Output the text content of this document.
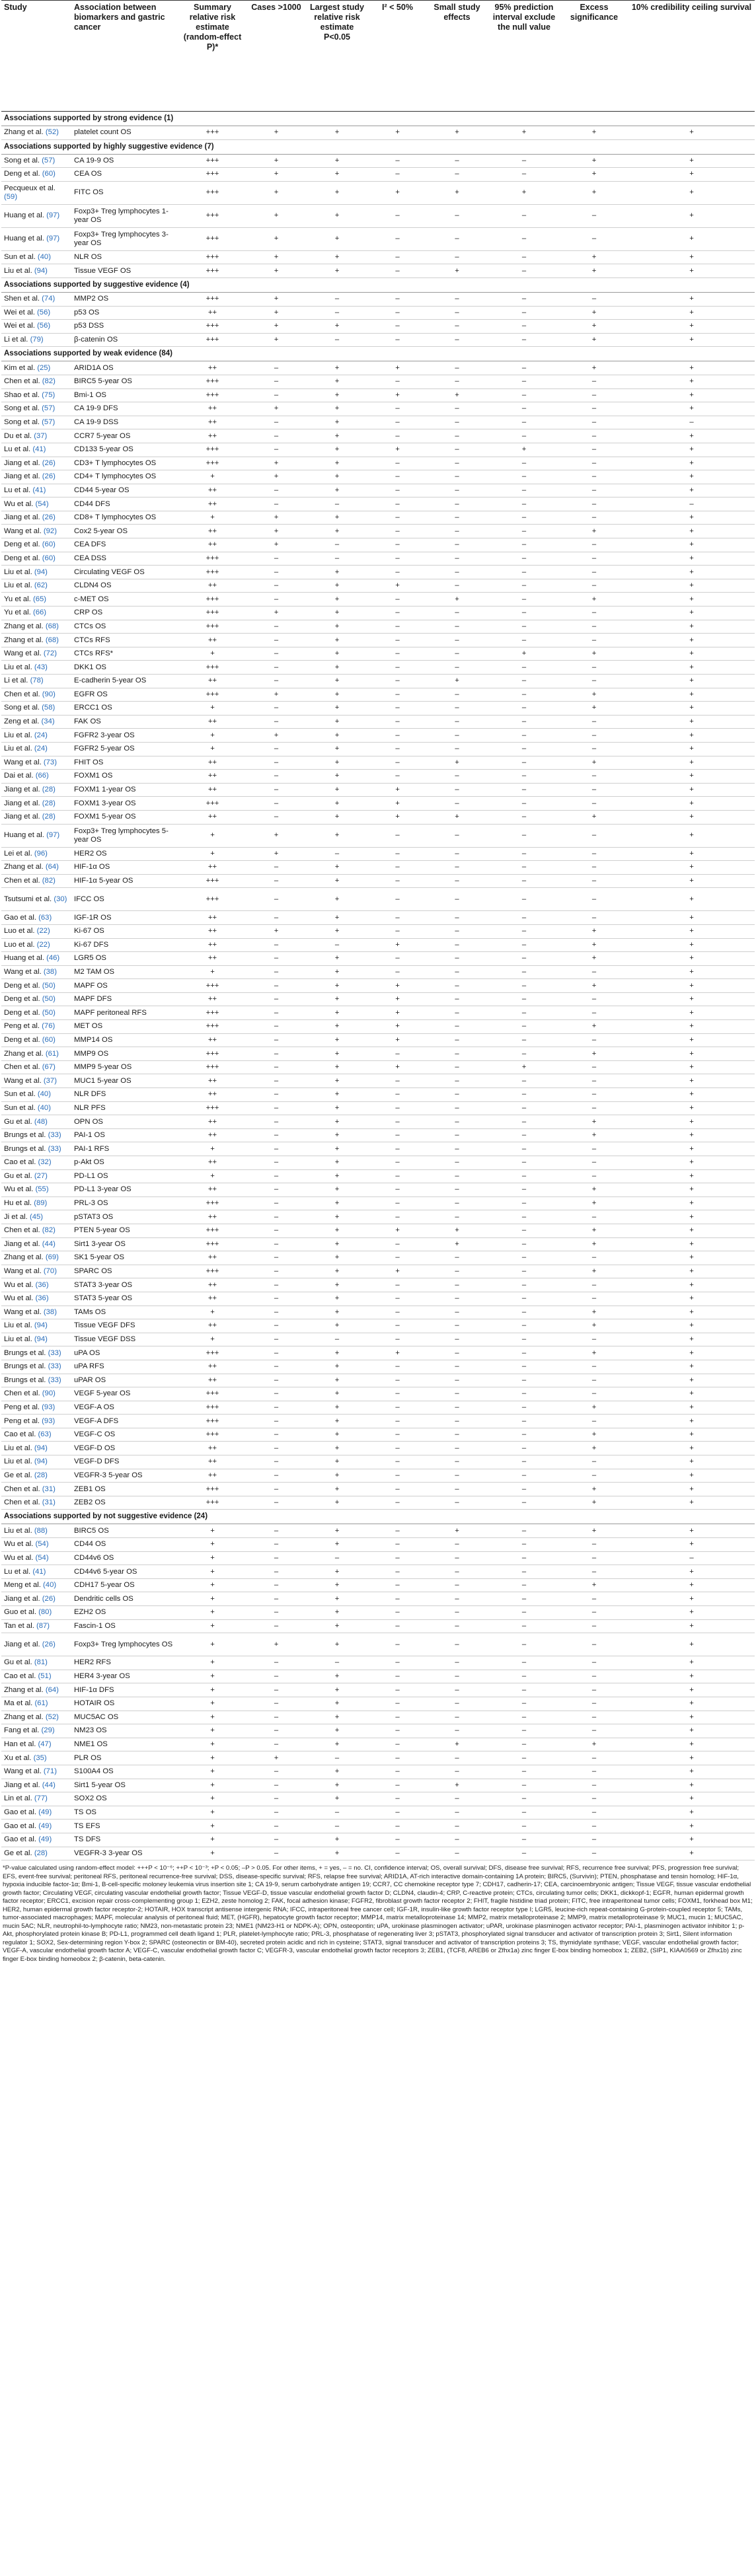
Study	Association between biomarkers and gastric cancer	Summary relative risk estimate (random-effect P)*	Cases >1000	Largest study relative risk estimate P<0.05	I² < 50%	Small study effects	95% prediction interval exclude the null value	Excess significance	10% credibility ceiling survival
Associations supported by strong evidence (1)									
Zhang et al. (52)	platelet count OS	+++	+	+	+	+	+	+	+
Associations supported by highly suggestive evidence (7)									
Song et al. (57)	CA 19-9 OS	+++	+	+	–	–	–	+	+
Deng et al. (60)	CEA OS	+++	+	+	–	–	–	+	+
Pecqueux et al. (59)	FITC OS	+++	+	+	+	+	+	+	+
Huang et al. (97)	Foxp3+ Treg lymphocytes 1-year OS	+++	+	+	–	–	–	–	+
Huang et al. (97)	Foxp3+ Treg lymphocytes 3-year OS	+++	+	+	–	–	–	–	+
Sun et al. (40)	NLR OS	+++	+	+	–	–	–	+	+
Liu et al. (94)	Tissue VEGF OS	+++	+	+	–	+	–	+	+
Associations supported by suggestive evidence (4)									
Shen et al. (74)	MMP2 OS	+++	+	–	–	–	–	–	+
Wei et al. (56)	p53 OS	++	+	–	–	–	–	+	+
Wei et al. (56)	p53 DSS	+++	+	+	–	–	–	+	+
Li et al. (79)	β-catenin OS	+++	+	–	–	–	–	+	+
Associations supported by weak evidence (84)									
Kim et al. (25)	ARID1A OS	++	–	+	+	–	–	+	+
Chen et al. (82)	BIRC5 5-year OS	+++	–	+	–	–	–	–	+
Shao et al. (75)	Bmi-1 OS	+++	–	+	+	+	–	–	+
Song et al. (57)	CA 19-9 DFS	++	+	+	–	–	–	–	+
Song et al. (57)	CA 19-9 DSS	++	–	+	–	–	–	–	–
Du et al. (37)	CCR7 5-year OS	++	–	+	–	–	–	–	+
Lu et al. (41)	CD133 5-year OS	+++	–	+	+	–	+	–	+
Jiang et al. (26)	CD3+ T lymphocytes OS	+++	+	+	–	–	–	–	+
Jiang et al. (26)	CD4+ T lymphocytes OS	+	+	+	–	–	–	–	+
Lu et al. (41)	CD44 5-year OS	++	–	+	–	–	–	–	+
Wu et al. (54)	CD44 DFS	++	–	–	–	–	–	–	–
Jiang et al. (26)	CD8+ T lymphocytes OS	+	+	+	–	–	–	–	+
Wang et al. (92)	Cox2 5-year OS	++	+	+	–	–	–	+	+
Deng et al. (60)	CEA DFS	++	+	–	–	–	–	–	+
Deng et al. (60)	CEA DSS	+++	–	–	–	–	–	–	+
Liu et al. (94)	Circulating VEGF OS	+++	–	+	–	–	–	–	+
Liu et al. (62)	CLDN4 OS	++	–	+	+	–	–	–	+
Yu et al. (65)	c-MET OS	+++	–	+	–	+	–	+	+
Yu et al. (66)	CRP OS	+++	+	+	–	–	–	–	+
Zhang et al. (68)	CTCs OS	+++	–	+	–	–	–	–	+
Zhang et al. (68)	CTCs RFS	++	–	+	–	–	–	–	+
Wang et al. (72)	CTCs RFS*	+	–	+	–	–	+	+	+
Liu et al. (43)	DKK1 OS	+++	–	+	–	–	–	–	+
Li et al. (78)	E-cadherin 5-year OS	++	–	+	–	+	–	–	+
Chen et al. (90)	EGFR OS	+++	+	+	–	–	–	+	+
Song et al. (58)	ERCC1 OS	+	–	+	–	–	–	+	+
Zeng et al. (34)	FAK OS	++	–	+	–	–	–	–	+
Liu et al. (24)	FGFR2 3-year OS	+	+	+	–	–	–	–	+
Liu et al. (24)	FGFR2 5-year OS	+	–	+	–	–	–	–	+
Wang et al. (73)	FHIT OS	++	–	+	–	+	–	+	+
Dai et al. (66)	FOXM1 OS	++	–	+	–	–	–	–	+
Jiang et al. (28)	FOXM1 1-year OS	++	–	+	+	–	–	–	+
Jiang et al. (28)	FOXM1 3-year OS	+++	–	+	+	–	–	–	+
Jiang et al. (28)	FOXM1 5-year OS	++	–	+	+	+	–	+	+
Huang et al. (97)	Foxp3+ Treg lymphocytes 5-year OS	+	+	+	–	–	–	–	+
Lei et al. (96)	HER2 OS	+	+	–	–	–	–	–	+
Zhang et al. (64)	HIF-1α OS	++	–	+	–	–	–	–	+
Chen et al. (82)	HIF-1α 5-year OS	+++	–	+	–	–	–	–	+
Tsutsumi et al. (30)	IFCC OS	+++	–	+	–	–	–	–	+
Gao et al. (63)	IGF-1R OS	++	–	+	–	–	–	–	+
Luo et al. (22)	Ki-67 OS	++	+	+	–	–	–	+	+
Luo et al. (22)	Ki-67 DFS	++	–	–	+	–	–	+	+
Huang et al. (46)	LGR5 OS	++	–	+	–	–	–	+	+
Wang et al. (38)	M2 TAM OS	+	–	+	–	–	–	–	+
Deng et al. (50)	MAPF OS	+++	–	+	+	–	–	+	+
Deng et al. (50)	MAPF DFS	++	–	+	+	–	–	–	+
Deng et al. (50)	MAPF peritoneal RFS	+++	–	+	+	–	–	–	+
Peng et al. (76)	MET OS	+++	–	+	+	–	–	+	+
Deng et al. (60)	MMP14 OS	++	–	+	+	–	–	–	+
Zhang et al. (61)	MMP9 OS	+++	–	+	–	–	–	+	+
Chen et al. (67)	MMP9 5-year OS	+++	–	+	+	–	+	–	+
Wang et al. (37)	MUC1 5-year OS	++	–	+	–	–	–	–	+
Sun et al. (40)	NLR DFS	++	–	+	–	–	–	–	+
Sun et al. (40)	NLR PFS	+++	–	+	–	–	–	–	+
Gu et al. (48)	OPN OS	++	–	+	–	–	–	+	+
Brungs et al. (33)	PAI-1 OS	++	–	+	–	–	–	+	+
Brungs et al. (33)	PAI-1 RFS	+	–	+	–	–	–	–	+
Cao et al. (32)	p-Akt OS	++	–	+	–	–	–	–	+
Gu et al. (27)	PD-L1 OS	+	–	+	–	–	–	–	+
Wu et al. (55)	PD-L1 3-year OS	++	–	+	–	–	–	+	+
Hu et al. (89)	PRL-3 OS	+++	–	+	–	–	–	+	+
Ji et al. (45)	pSTAT3 OS	++	–	+	–	–	–	–	+
Chen et al. (82)	PTEN 5-year OS	+++	–	+	+	+	–	+	+
Jiang et al. (44)	Sirt1 3-year OS	+++	–	+	–	+	–	+	+
Zhang et al. (69)	SK1 5-year OS	++	–	+	–	–	–	–	+
Wang et al. (70)	SPARC OS	+++	–	+	+	–	–	+	+
Wu et al. (36)	STAT3 3-year OS	++	–	+	–	–	–	–	+
Wu et al. (36)	STAT3 5-year OS	++	–	+	–	–	–	–	+
Wang et al. (38)	TAMs OS	+	–	+	–	–	–	+	+
Liu et al. (94)	Tissue VEGF DFS	++	–	+	–	–	–	+	+
Liu et al. (94)	Tissue VEGF DSS	+	–	–	–	–	–	–	+
Brungs et al. (33)	uPA OS	+++	–	+	+	–	–	+	+
Brungs et al. (33)	uPA RFS	++	–	+	–	–	–	–	+
Brungs et al. (33)	uPAR OS	++	–	+	–	–	–	–	+
Chen et al. (90)	VEGF 5-year OS	+++	–	+	–	–	–	–	+
Peng et al. (93)	VEGF-A OS	+++	–	+	–	–	–	+	+
Peng et al. (93)	VEGF-A DFS	+++	–	+	–	–	–	–	+
Cao et al. (63)	VEGF-C OS	+++	–	+	–	–	–	+	+
Liu et al. (94)	VEGF-D OS	++	–	+	–	–	–	+	+
Liu et al. (94)	VEGF-D DFS	++	–	+	–	–	–	–	+
Ge et al. (28)	VEGFR-3 5-year OS	++	–	+	–	–	–	–	+
Chen et al. (31)	ZEB1 OS	+++	–	+	–	–	–	+	+
Chen et al. (31)	ZEB2 OS	+++	–	+	–	–	–	+	+
Associations supported by not suggestive evidence (24)									
Liu et al. (88)	BIRC5 OS	+	–	+	–	+	–	+	+
Wu et al. (54)	CD44 OS	+	–	+	–	–	–	–	+
Wu et al. (54)	CD44v6 OS	+	–	–	–	–	–	–	–
Lu et al. (41)	CD44v6 5-year OS	+	–	+	–	–	–	–	+
Meng et al. (40)	CDH17 5-year OS	+	–	+	–	–	–	+	+
Jiang et al. (26)	Dendritic cells OS	+	–	+	–	–	–	–	+
Guo et al. (80)	EZH2 OS	+	–	+	–	–	–	–	+
Tan et al. (87)	Fascin-1 OS	+	–	+	–	–	–	–	+
Jiang et al. (26)	Foxp3+ Treg lymphocytes OS	+	+	+	–	–	–	–	+
Gu et al. (81)	HER2 RFS	+	–	–	–	–	–	–	+
Cao et al. (51)	HER4 3-year OS	+	–	+	–	–	–	–	+
Zhang et al. (64)	HIF-1α DFS	+	–	+	–	–	–	–	+
Ma et al. (61)	HOTAIR OS	+	–	+	–	–	–	–	+
Zhang et al. (52)	MUC5AC OS	+	–	+	–	–	–	–	+
Fang et al. (29)	NM23 OS	+	–	+	–	–	–	–	+
Han et al. (47)	NME1 OS	+	–	+	–	+	–	+	+
Xu et al. (35)	PLR OS	+	+	–	–	–	–	–	+
Wang et al. (71)	S100A4 OS	+	–	+	–	–	–	–	+
Jiang et al. (44)	Sirt1 5-year OS	+	–	+	–	+	–	–	+
Lin et al. (77)	SOX2 OS	+	–	+	–	–	–	–	+
Gao et al. (49)	TS OS	+	–	–	–	–	–	–	+
Gao et al. (49)	TS EFS	+	–	–	–	–	–	–	+
Gao et al. (49)	TS DFS	+	–	+	–	–	–	–	+
Ge et al. (28)	VEGFR-3 3-year OS	+	–	+	–	–	–	–	+
*P-value calculated using random-effect model: +++P < 10⁻⁶; ++P < 10⁻³; +P < 0.05; –P > 0.05. For other items, + = yes, – = no. CI, confidence interval; OS, overall survival; DFS, disease free survival; RFS, recurrence free survival; PFS, progression free survival; EFS, event-free survival; peritoneal RFS, peritoneal recurrence-free survival; DSS, disease-specific survival; RFS, relapse free survival; ARID1A, AT-rich interactive domain-containing 1A protein; BIRC5, (Survivin); PTEN, phosphatase and tensin homolog; HIF-1α, hypoxia inducible factor-1α; Bmi-1, B-cell-specific moloney leukemia virus insertion site 1; CA 19-9, serum carbohydrate antigen 19; CCR7, CC chemokine receptor type 7; CDH17, cadherin-17; CEA, carcinoembryonic antigen; Tissue VEGF, tissue vascular endothelial growth factor; Circulating VEGF, circulating vascular endothelial growth factor; Tissue VEGF-D, tissue vascular endothelial growth factor D; CLDN4, claudin-4; CRP, C-reactive protein; CTCs, circulating tumor cells; DKK1, dickkopf-1; EGFR, human epidermal growth factor receptor; ERCC1, excision repair cross-complementing group 1; EZH2, zeste homolog 2; FAK, focal adhesion kinase; FGFR2, fibroblast growth factor receptor 2; FHIT, fragile histidine triad protein; FITC, free intraperitoneal tumor cells; FOXM1, forkhead box M1; HER2, human epidermal growth factor receptor-2; HOTAIR, HOX transcript antisense intergenic RNA; IFCC, intraperitoneal free cancer cell; IGF-1R, insulin-like growth factor receptor type I; LGR5, leucine-rich repeat-containing G-protein-coupled receptor 5; TAMs, tumor-associated macrophages; MAPF, molecular analysis of peritoneal fluid; MET, (HGFR), hepatocyte growth factor receptor; MMP14, matrix metalloproteinase 14; MMP2, matrix metalloproteinase 2; MMP9, matrix metalloproteinase 9; MUC1, mucin 1; MUC5AC, mucin 5AC; NLR, neutrophil-to-lymphocyte ratio; NM23, non-metastatic protein 23; NME1 (NM23-H1 or NDPK-A); OPN, osteopontin; uPA, urokinase plasminogen activator; uPAR, urokinase plasminogen activator receptor; PAI-1, plasminogen activator inhibitor 1; p-Akt, phosphorylated protein kinase B; PD-L1, programmed cell death ligand 1; PLR, platelet-lymphocyte ratio; PRL-3, phosphatase of regenerating liver 3; pSTAT3, phosphorylated signal transducer and activator of transcription protein 3; Sirt1, Silent information regulator 1; SOX2, Sex-determining region Y-box 2; SPARC (osteonectin or BM-40), secreted protein acidic and rich in cysteine; STAT3, signal transducer and activator of transcription proteins 3; TS, thymidylate synthase; VEGF, vascular endothelial growth factor; VEGF-A, vascular endothelial growth factor A; VEGF-C, vascular endothelial growth factor C; VEGFR-3, vascular endothelial growth factor receptors 3; ZEB1, (TCF8, AREB6 or Zfhx1a) zinc finger E-box binding homeobox 1; ZEB2, (SIP1, KIAA0569 or Zfhx1b) zinc finger E-box binding homeobox 2; β-catenin, beta-catenin.									
